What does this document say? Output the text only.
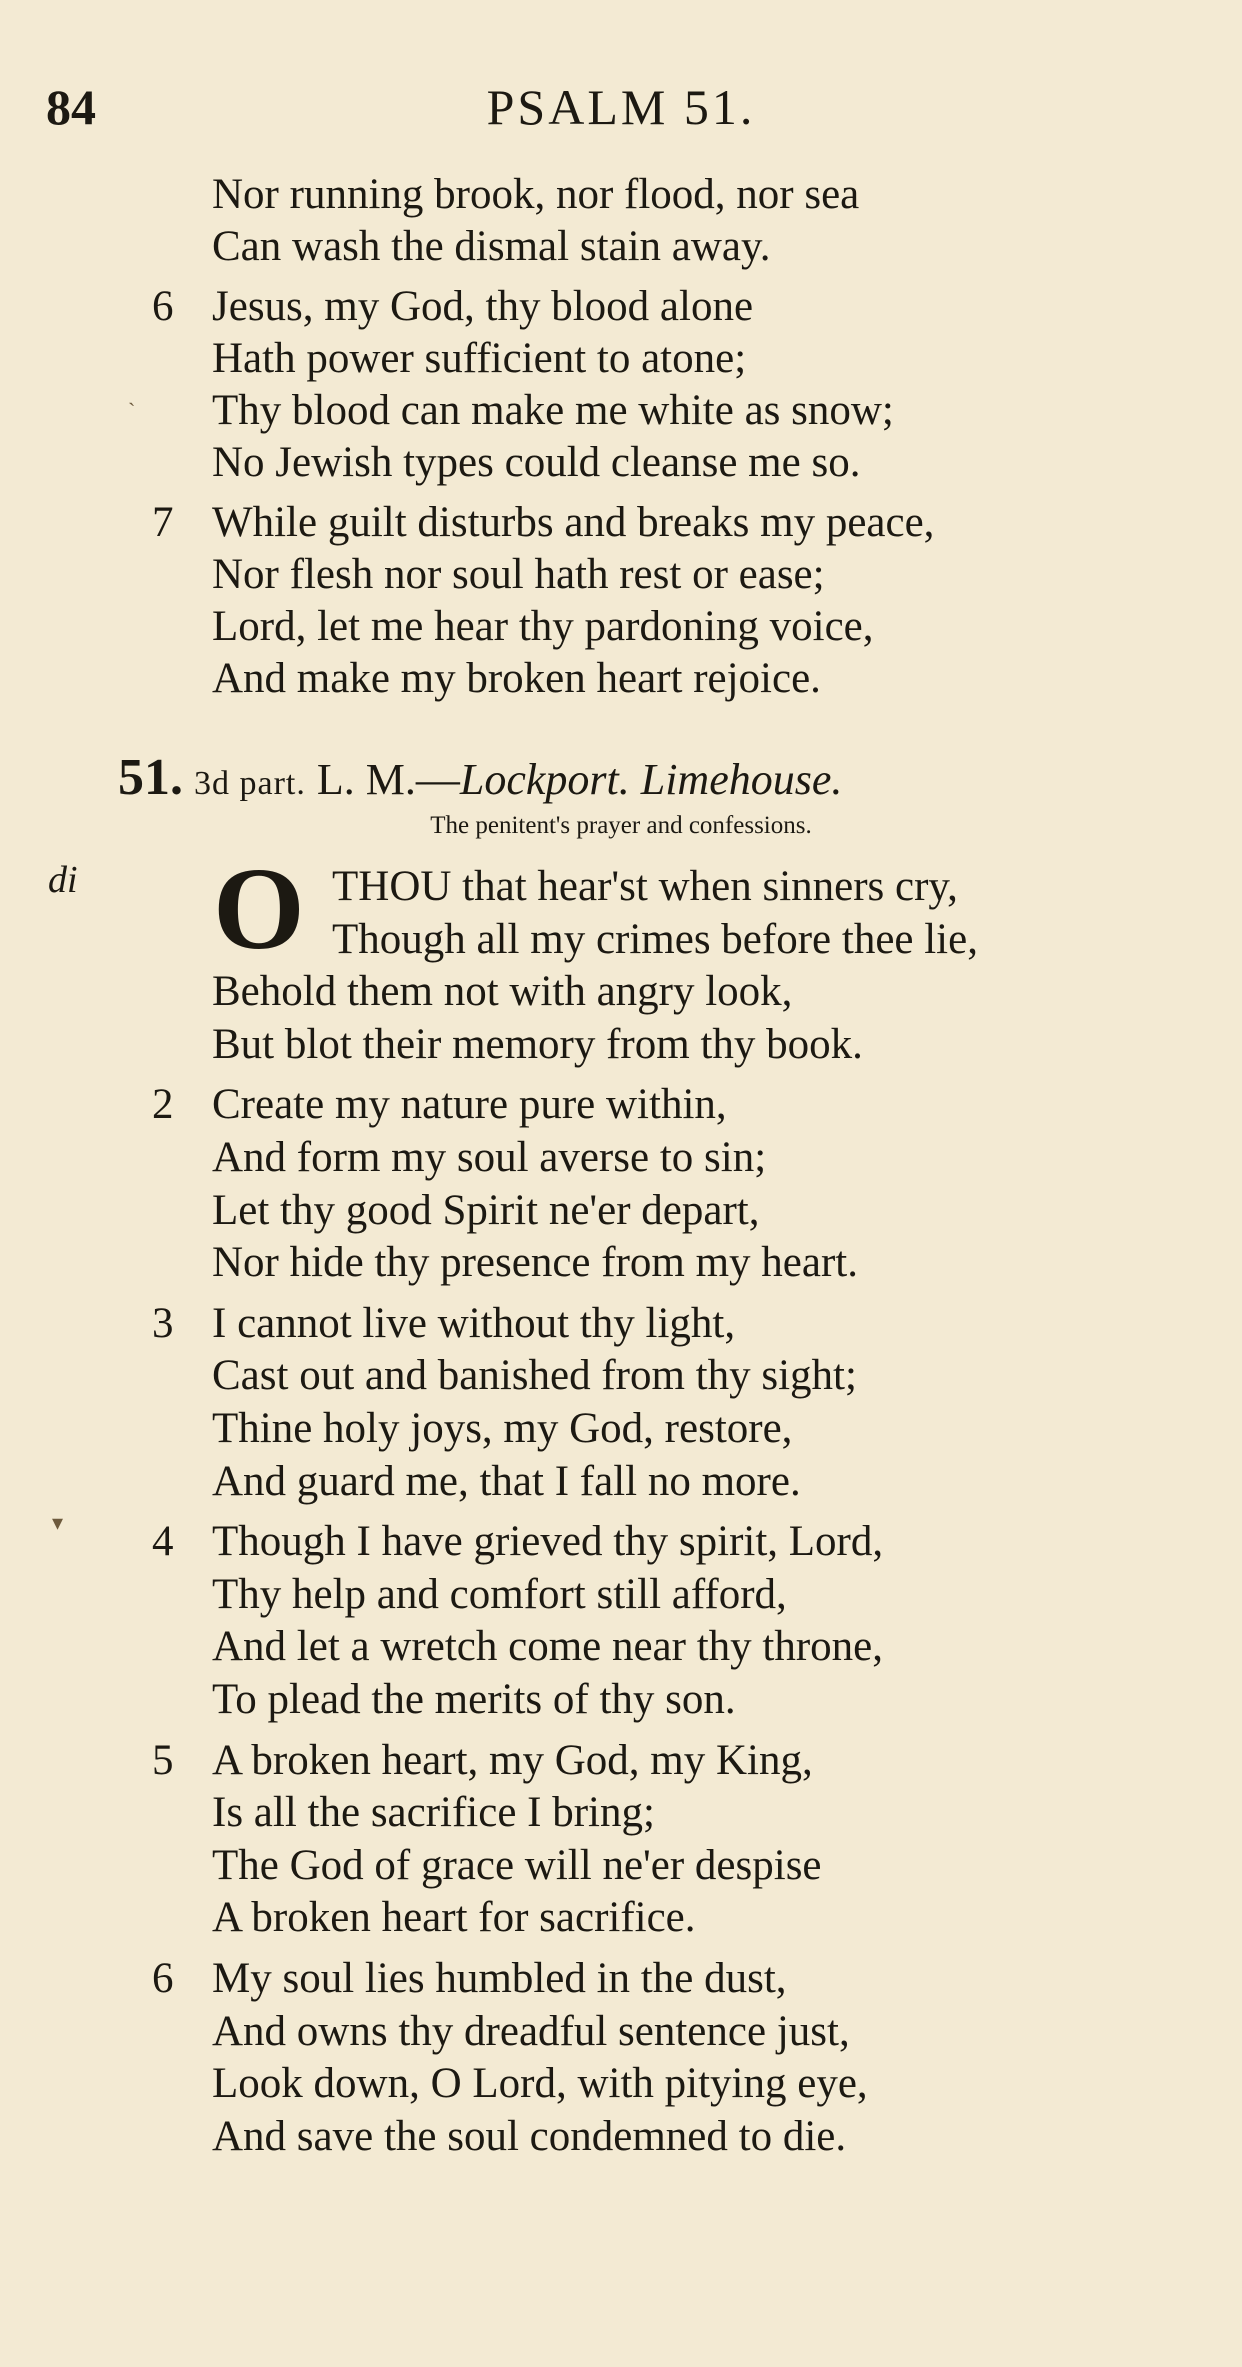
84	PSALM 51.
Nor running brook, nor flood, nor sea
Can wash the dismal stain away.
6 Jesus, my God, thy blood alone
Hath power sufficient to atone;
Thy blood can make me white as snow;
No Jewish types could cleanse me so.
7 While guilt disturbs and breaks my peace,
Nor flesh nor soul hath rest or ease;
Lord, let me hear thy pardoning voice,
And make my broken heart rejoice.
51. 3d part. L. M.—Lockport. Limehouse.
The penitent's prayer and confessions.
di O THOU that hear'st when sinners cry,
Though all my crimes before thee lie,
Behold them not with angry look,
But blot their memory from thy book.
2 Create my nature pure within,
And form my soul averse to sin;
Let thy good Spirit ne'er depart,
Nor hide thy presence from my heart.
3 I cannot live without thy light,
Cast out and banished from thy sight;
Thine holy joys, my God, restore,
And guard me, that I fall no more.
4 Though I have grieved thy spirit, Lord,
Thy help and comfort still afford,
And let a wretch come near thy throne,
To plead the merits of thy son.
5 A broken heart, my God, my King,
Is all the sacrifice I bring;
The God of grace will ne'er despise
A broken heart for sacrifice.
6 My soul lies humbled in the dust,
And owns thy dreadful sentence just,
Look down, O Lord, with pitying eye,
And save the soul condemned to die.
`
▾
